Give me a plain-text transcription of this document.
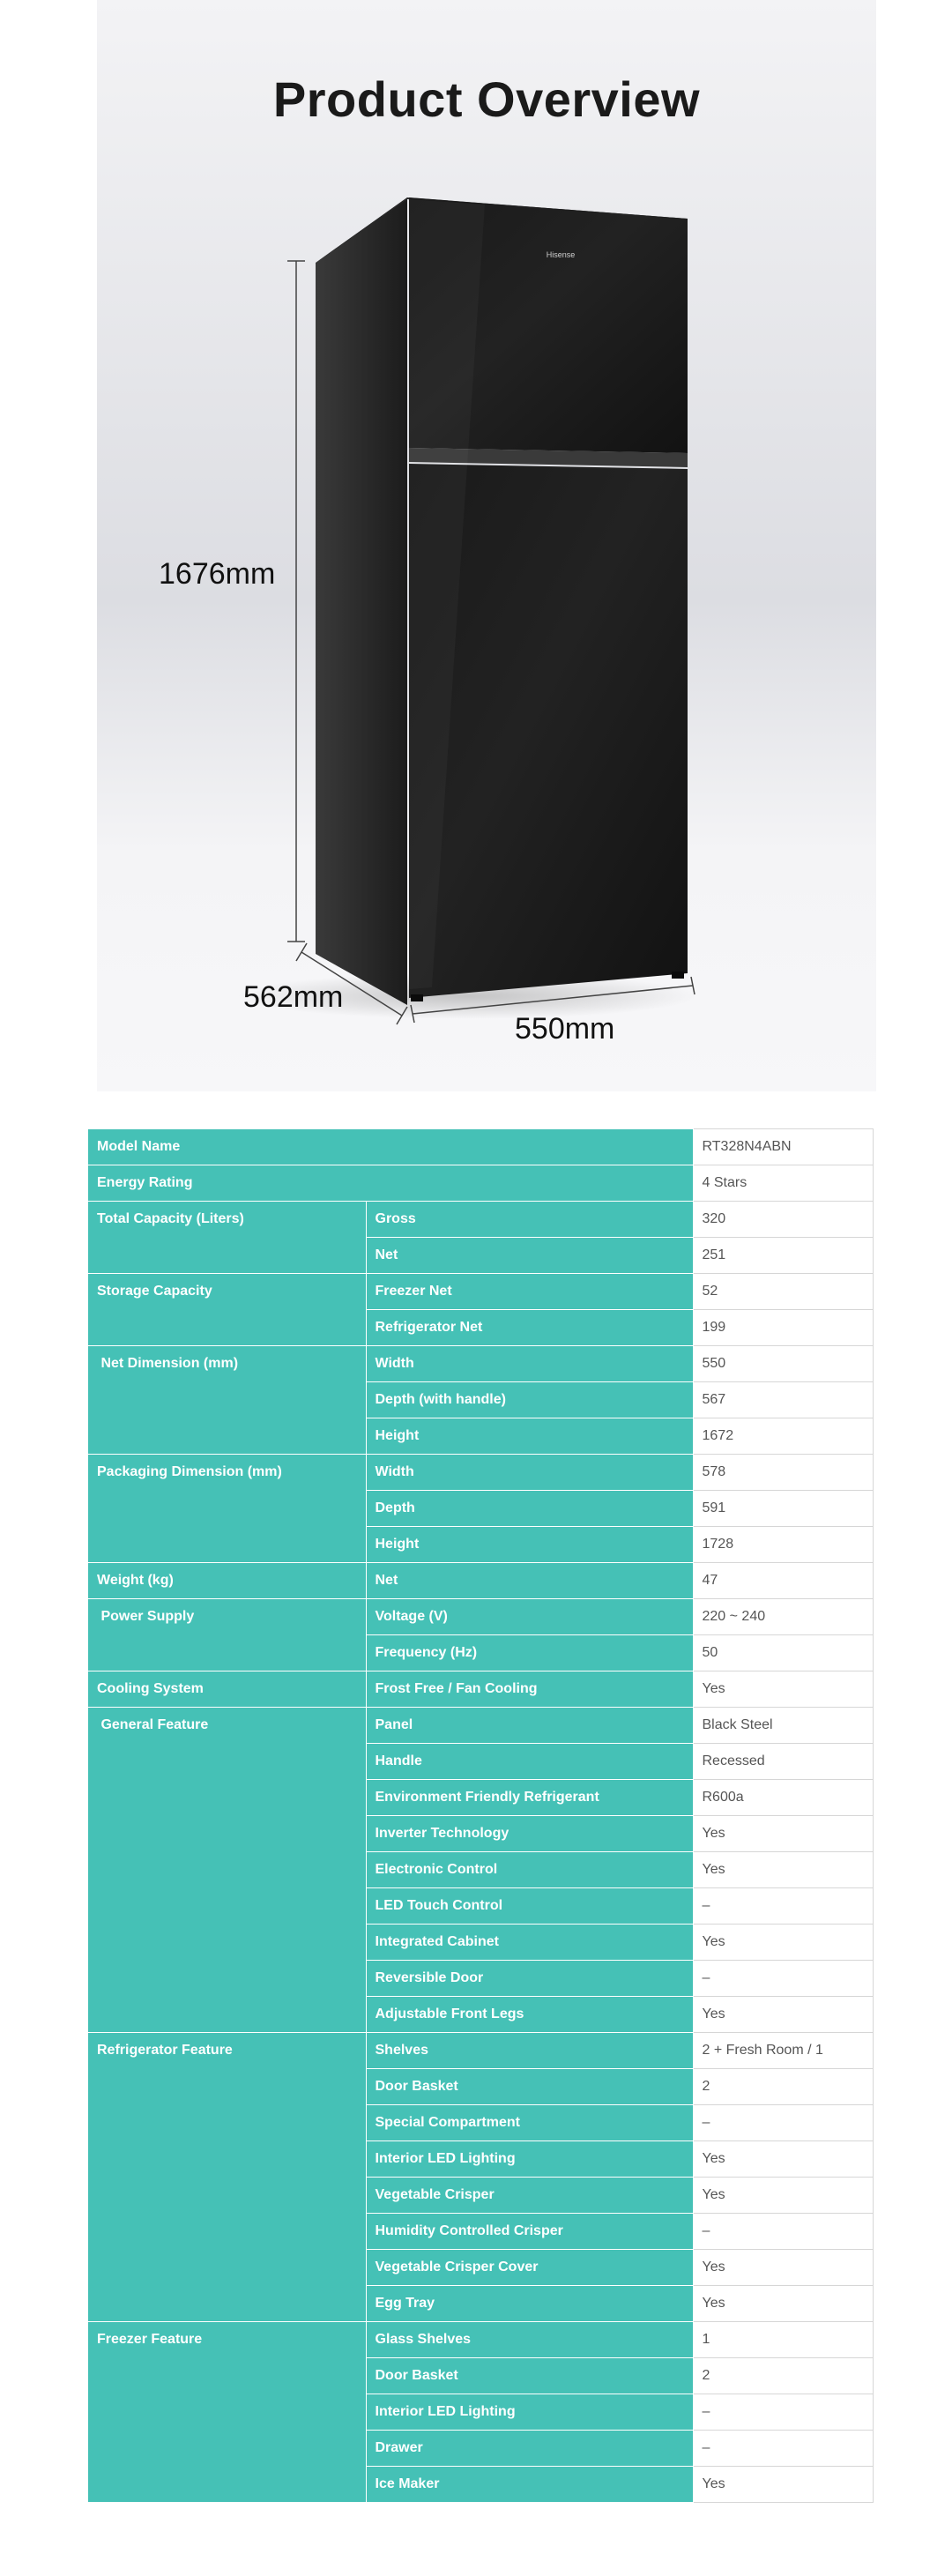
Product Overview
Hisense
1676mm
562mm
550mm
Model Name		RT328N4ABN
Energy Rating		4 Stars
Total Capacity (Liters)	Gross	320
	Net	251
Storage Capacity	Freezer Net	52
	Refrigerator Net	199
Net Dimension (mm)	Width	550
	Depth (with handle)	567
	Height	1672
Packaging Dimension (mm)	Width	578
	Depth	591
	Height	1728
Weight (kg)	Net	47
Power Supply	Voltage (V)	220 ~ 240
	Frequency (Hz)	50
Cooling System	Frost Free / Fan Cooling	Yes
General Feature	Panel	Black Steel
	Handle	Recessed
	Environment Friendly Refrigerant	R600a
	Inverter Technology	Yes
	Electronic Control	Yes
	LED Touch Control	–
	Integrated Cabinet	Yes
	Reversible Door	–
	Adjustable Front Legs	Yes
Refrigerator Feature	Shelves	2 + Fresh Room / 1
	Door Basket	2
	Special Compartment	–
	Interior LED Lighting	Yes
	Vegetable Crisper	Yes
	Humidity Controlled Crisper	–
	Vegetable Crisper Cover	Yes
	Egg Tray	Yes
Freezer Feature	Glass Shelves	1
	Door Basket	2
	Interior LED Lighting	–
	Drawer	–
	Ice Maker	Yes
